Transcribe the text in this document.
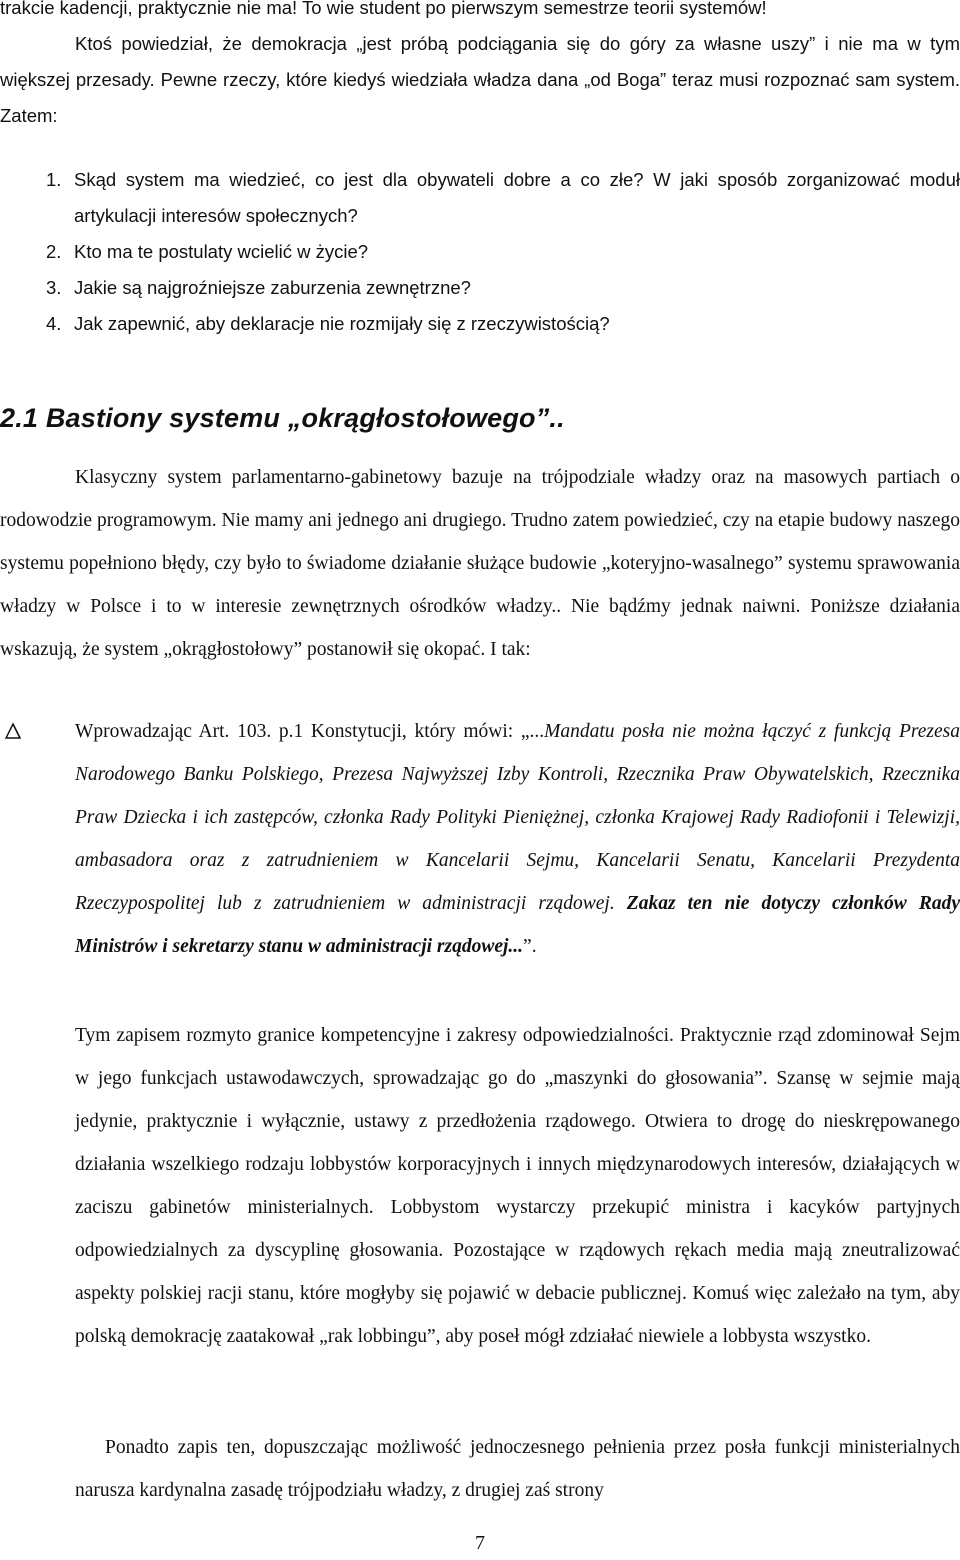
trakcie kadencji, praktycznie nie ma! To wie student po pierwszym semestrze teorii systemów!

Ktoś powiedział, że demokracja „jest próbą podciągania się do góry za własne uszy” i nie ma w tym większej przesady. Pewne rzeczy, które kiedyś wiedziała władza dana „od Boga” teraz musi rozpoznać sam system. Zatem:

1. Skąd system ma wiedzieć, co jest dla obywateli dobre a co złe? W jaki sposób zorganizować moduł artykulacji interesów społecznych?
2. Kto ma te postulaty wcielić w życie?
3. Jakie są najgroźniejsze zaburzenia zewnętrzne?
4. Jak zapewnić, aby deklaracje nie rozmijały się z rzeczywistością?
2.1 Bastiony systemu „okrągłostołowego”..

Klasyczny system parlamentarno-gabinetowy bazuje na trójpodziale władzy oraz na masowych partiach o rodowodzie programowym. Nie mamy ani jednego ani drugiego. Trudno zatem powiedzieć, czy na etapie budowy naszego systemu popełniono błędy, czy było to świadome działanie służące budowie „koteryjno-wasalnego” systemu sprawowania władzy w Polsce i to w interesie zewnętrznych ośrodków władzy.. Nie bądźmy jednak naiwni. Poniższe działania wskazują, że system „okrągłostołowy” postanowił się okopać. I tak:

Wprowadzając Art. 103. p.1 Konstytucji, który mówi: „...Mandatu posła nie można łączyć z funkcją Prezesa Narodowego Banku Polskiego, Prezesa Najwyższej Izby Kontroli, Rzecznika Praw Obywatelskich, Rzecznika Praw Dziecka i ich zastępców, członka Rady Polityki Pieniężnej, członka Krajowej Rady Radiofonii i Telewizji, ambasadora oraz z zatrudnieniem w Kancelarii Sejmu, Kancelarii Senatu, Kancelarii Prezydenta Rzeczypospolitej lub z zatrudnieniem w administracji rządowej. Zakaz ten nie dotyczy członków Rady Ministrów i sekretarzy stanu w administracji rządowej...”.

Tym zapisem rozmyto granice kompetencyjne i zakresy odpowiedzialności. Praktycznie rząd zdominował Sejm w jego funkcjach ustawodawczych, sprowadzając go do „maszynki do głosowania”. Szansę w sejmie mają jedynie, praktycznie i wyłącznie, ustawy z przedłożenia rządowego. Otwiera to drogę do nieskrępowanego działania wszelkiego rodzaju lobbystów korporacyjnych i innych międzynarodowych interesów, działających w zaciszu gabinetów ministerialnych. Lobbystom wystarczy przekupić ministra i kacyków partyjnych odpowiedzialnych za dyscyplinę głosowania. Pozostające w rządowych rękach media mają zneutralizować aspekty polskiej racji stanu, które mogłyby się pojawić w debacie publicznej. Komuś więc zależało na tym, aby polską demokrację zaatakował „rak lobbingu”, aby poseł mógł zdziałać niewiele a lobbysta wszystko.

Ponadto zapis ten, dopuszczając możliwość jednoczesnego pełnienia przez posła funkcji ministerialnych narusza kardynalna zasadę trójpodziału władzy, z drugiej zaś strony

7
